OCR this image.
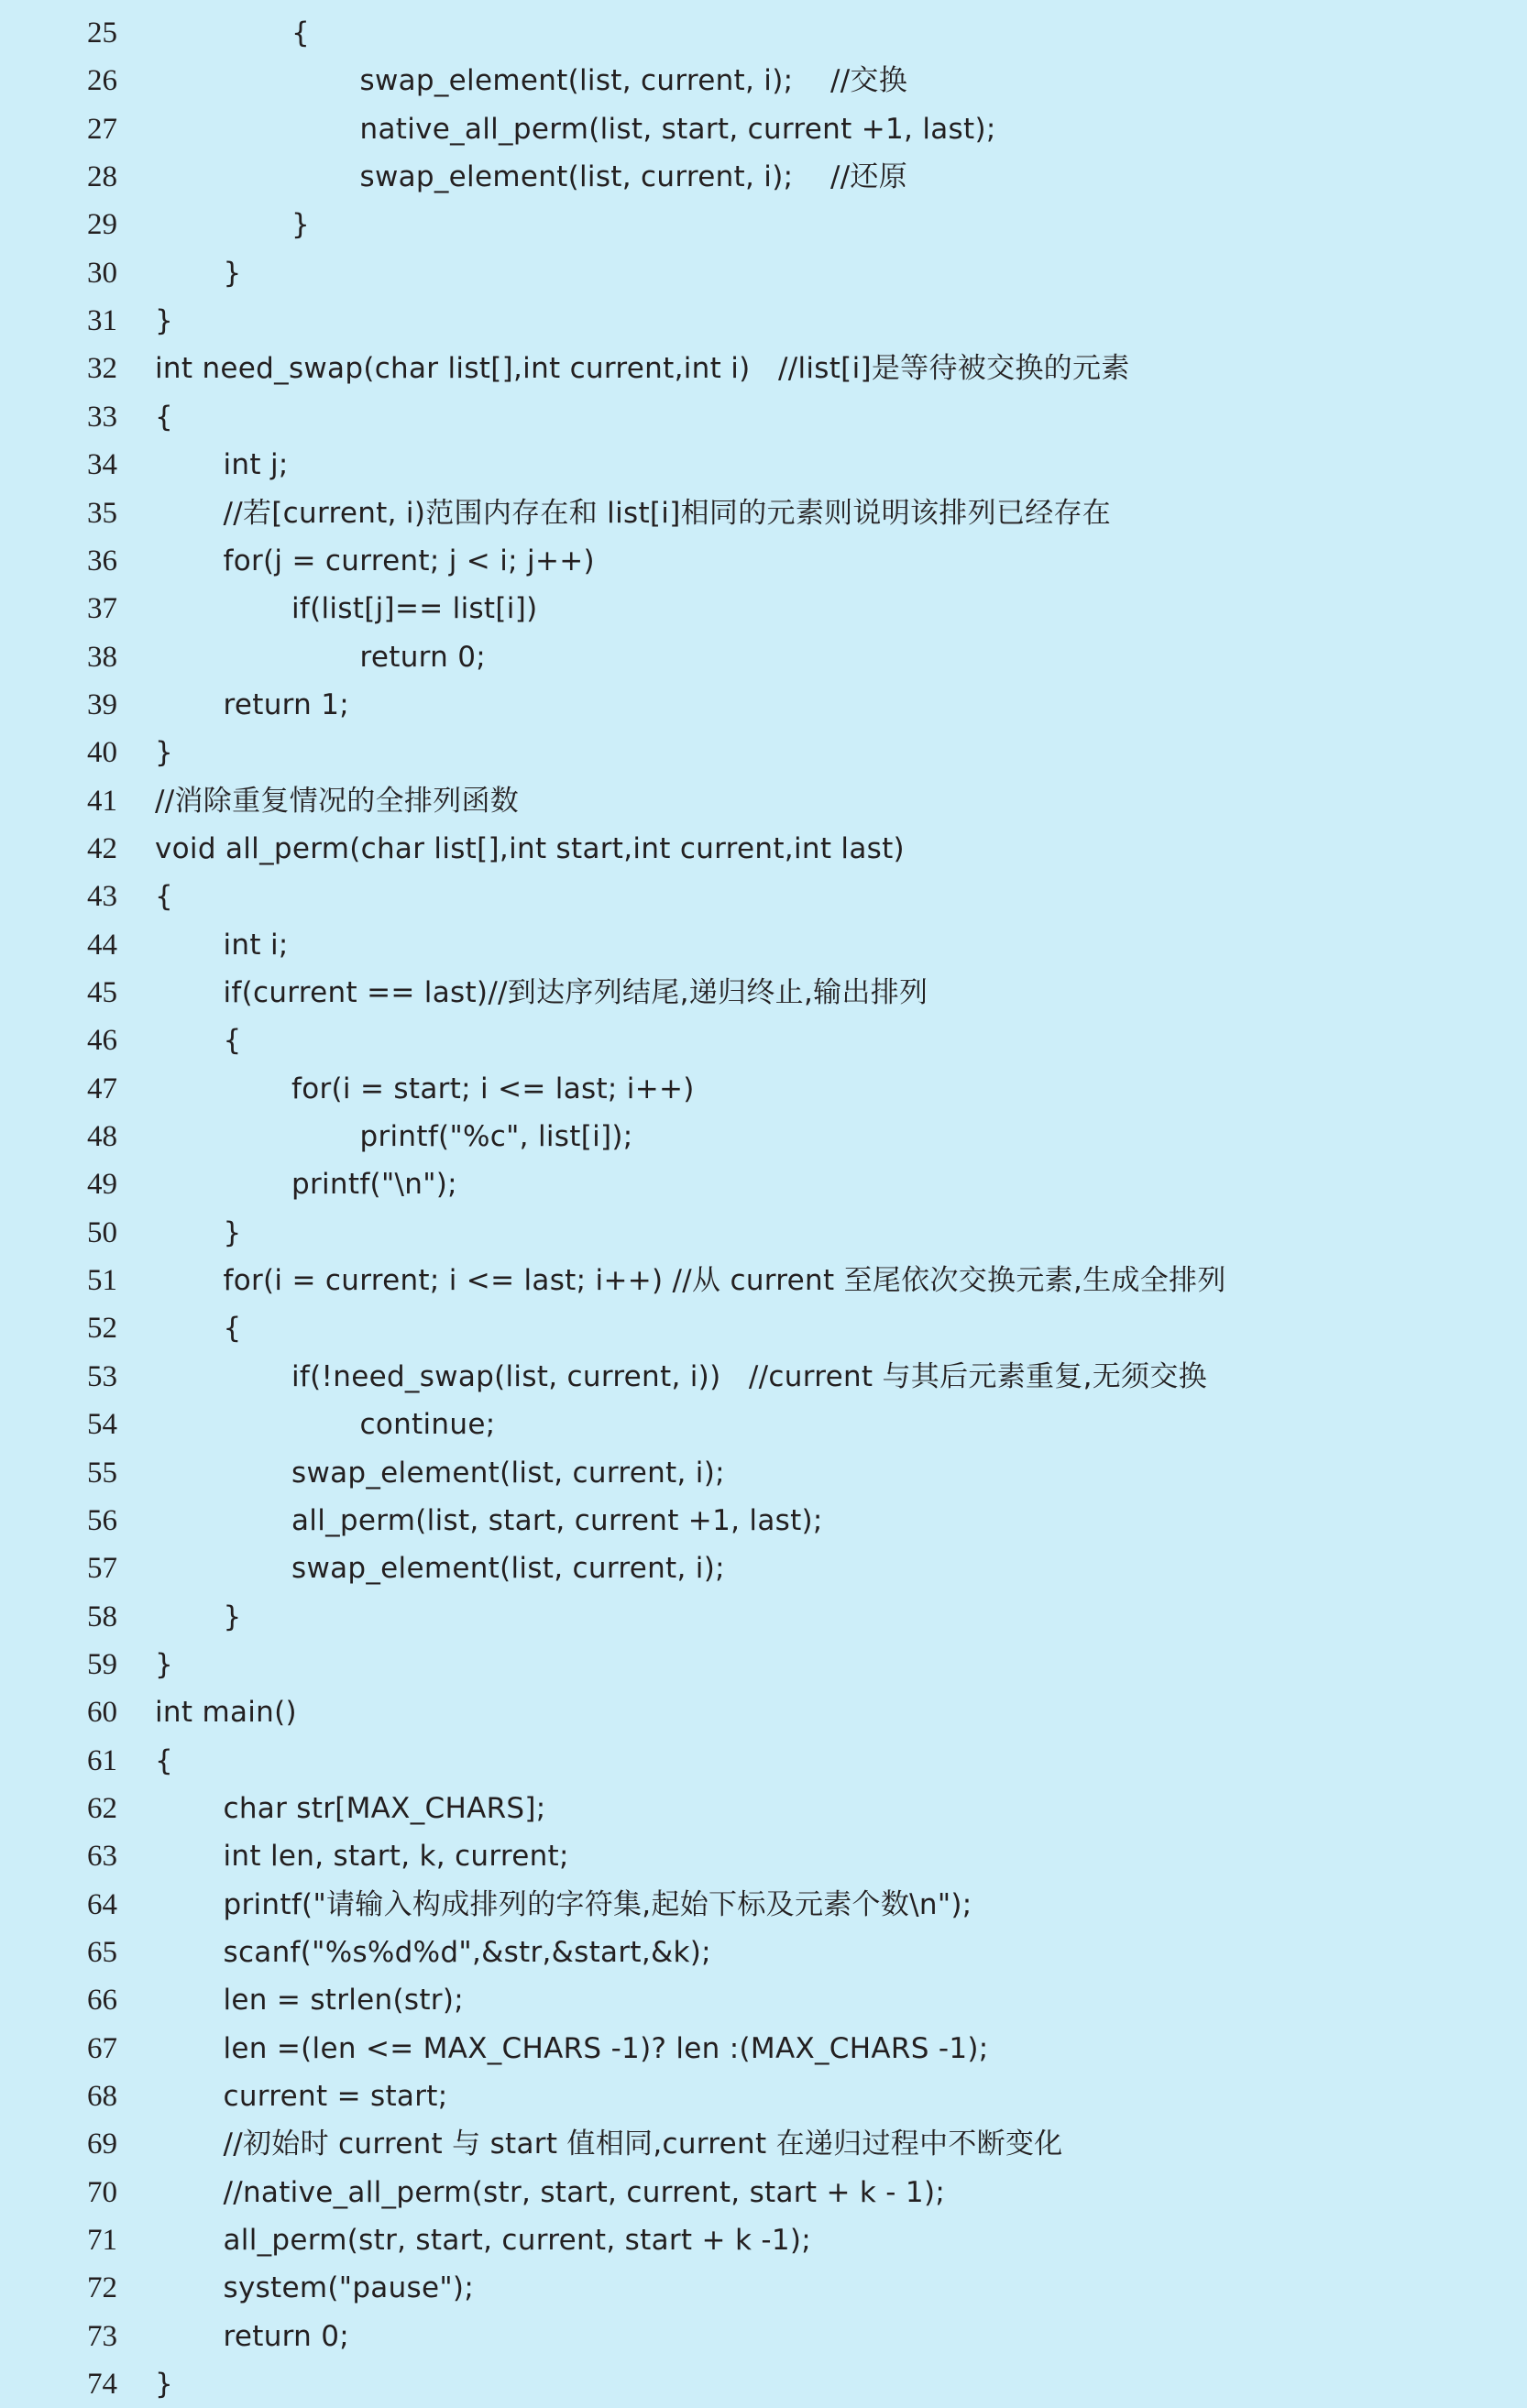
25	{
26	swap_element(list, current, i);    //交换
27	native_all_perm(list, start, current +1, last);
28	swap_element(list, current, i);    //还原
29	}
30	}
31 }
32 int need_swap(char list[],int current,int i)   //list[i]是等待被交换的元素
33 {
34	int j;
35	//若[current, i)范围内存在和 list[i]相同的元素则说明该排列已经存在
36	for(j = current; j < i; j++)
37	if(list[j]== list[i])
38	return 0;
39	return 1;
40 }
41 //消除重复情况的全排列函数
42 void all_perm(char list[],int start,int current,int last)
43 {
44	int i;
45	if(current == last)//到达序列结尾,递归终止,输出排列
46	{
47	for(i = start; i <= last; i++)
48	printf("%c", list[i]);
49	printf("\n");
50	}
51	for(i = current; i <= last; i++) //从 current 至尾依次交换元素,生成全排列
52	{
53	if(!need_swap(list, current, i))   //current 与其后元素重复,无须交换
54	continue;
55	swap_element(list, current, i);
56	all_perm(list, start, current +1, last);
57	swap_element(list, current, i);
58	}
59 }
60 int main()
61 {
62	char str[MAX_CHARS];
63	int len, start, k, current;
64	printf("请输入构成排列的字符集,起始下标及元素个数\n");
65	scanf("%s%d%d",&str,&start,&k);
66	len = strlen(str);
67	len =(len <= MAX_CHARS -1)? len :(MAX_CHARS -1);
68	current = start;
69	//初始时 current 与 start 值相同,current 在递归过程中不断变化
70	//native_all_perm(str, start, current, start + k - 1);
71	all_perm(str, start, current, start + k -1);
72	system("pause");
73	return 0;
74 }
